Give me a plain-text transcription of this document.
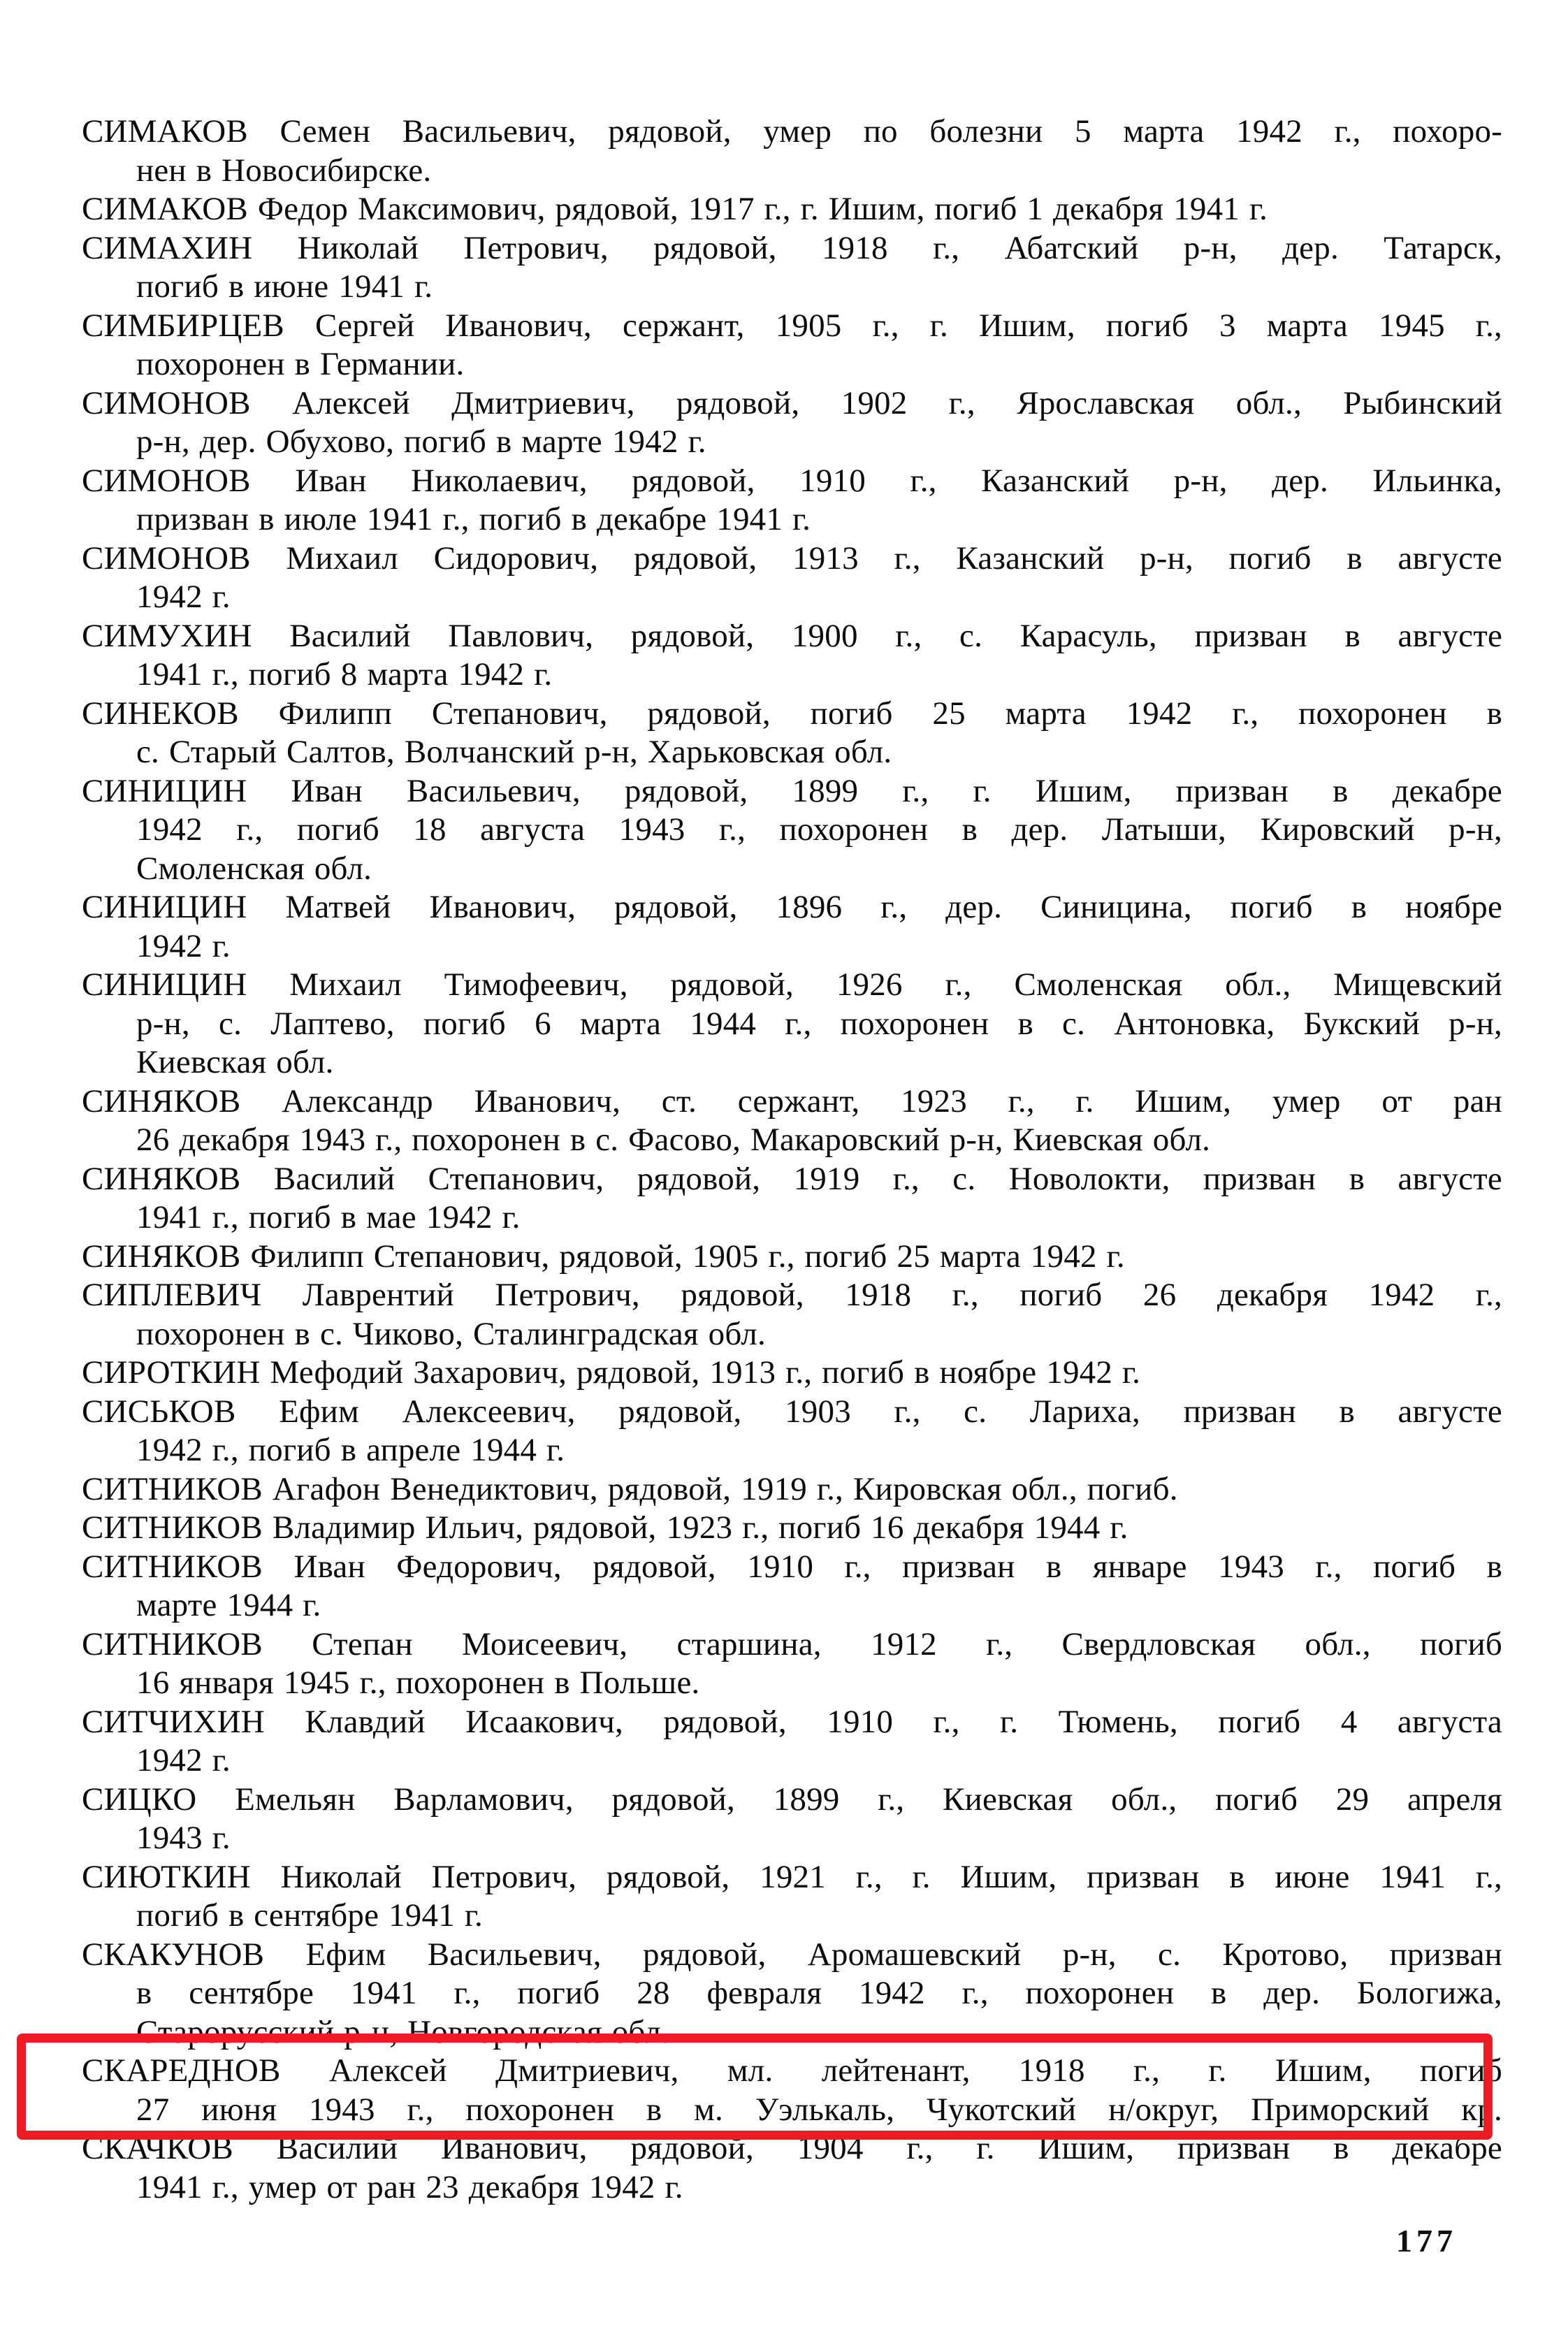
СИМАКОВ Семен Васильевич, рядовой, умер по болезни 5 марта 1942 г., похоро-
нен в Новосибирске.
СИМАКОВ Федор Максимович, рядовой, 1917 г., г. Ишим, погиб 1 декабря 1941 г.
СИМАХИН Николай Петрович, рядовой, 1918 г., Абатский р-н, дер. Татарск,
погиб в июне 1941 г.
СИМБИРЦЕВ Сергей Иванович, сержант, 1905 г., г. Ишим, погиб 3 марта 1945 г.,
похоронен в Германии.
СИМОНОВ Алексей Дмитриевич, рядовой, 1902 г., Ярославская обл., Рыбинский
р-н, дер. Обухово, погиб в марте 1942 г.
СИМОНОВ Иван Николаевич, рядовой, 1910 г., Казанский р-н, дер. Ильинка,
призван в июле 1941 г., погиб в декабре 1941 г.
СИМОНОВ Михаил Сидорович, рядовой, 1913 г., Казанский р-н, погиб в августе
1942 г.
СИМУХИН Василий Павлович, рядовой, 1900 г., с. Карасуль, призван в августе
1941 г., погиб 8 марта 1942 г.
СИНЕКОВ Филипп Степанович, рядовой, погиб 25 марта 1942 г., похоронен в
с. Старый Салтов, Волчанский р-н, Харьковская обл.
СИНИЦИН Иван Васильевич, рядовой, 1899 г., г. Ишим, призван в декабре
1942 г., погиб 18 августа 1943 г., похоронен в дер. Латыши, Кировский р-н,
Смоленская обл.
СИНИЦИН Матвей Иванович, рядовой, 1896 г., дер. Синицина, погиб в ноябре
1942 г.
СИНИЦИН Михаил Тимофеевич, рядовой, 1926 г., Смоленская обл., Мищевский
р-н, с. Лаптево, погиб 6 марта 1944 г., похоронен в с. Антоновка, Букский р-н,
Киевская обл.
СИНЯКОВ Александр Иванович, ст. сержант, 1923 г., г. Ишим, умер от ран
26 декабря 1943 г., похоронен в с. Фасово, Макаровский р-н, Киевская обл.
СИНЯКОВ Василий Степанович, рядовой, 1919 г., с. Новолокти, призван в августе
1941 г., погиб в мае 1942 г.
СИНЯКОВ Филипп Степанович, рядовой, 1905 г., погиб 25 марта 1942 г.
СИПЛЕВИЧ Лаврентий Петрович, рядовой, 1918 г., погиб 26 декабря 1942 г.,
похоронен в с. Чиково, Сталинградская обл.
СИРОТКИН Мефодий Захарович, рядовой, 1913 г., погиб в ноябре 1942 г.
СИСЬКОВ Ефим Алексеевич, рядовой, 1903 г., с. Лариха, призван в августе
1942 г., погиб в апреле 1944 г.
СИТНИКОВ Агафон Венедиктович, рядовой, 1919 г., Кировская обл., погиб.
СИТНИКОВ Владимир Ильич, рядовой, 1923 г., погиб 16 декабря 1944 г.
СИТНИКОВ Иван Федорович, рядовой, 1910 г., призван в январе 1943 г., погиб в
марте 1944 г.
СИТНИКОВ Степан Моисеевич, старшина, 1912 г., Свердловская обл., погиб
16 января 1945 г., похоронен в Польше.
СИТЧИХИН Клавдий Исаакович, рядовой, 1910 г., г. Тюмень, погиб 4 августа
1942 г.
СИЦКО Емельян Варламович, рядовой, 1899 г., Киевская обл., погиб 29 апреля
1943 г.
СИЮТКИН Николай Петрович, рядовой, 1921 г., г. Ишим, призван в июне 1941 г.,
погиб в сентябре 1941 г.
СКАКУНОВ Ефим Васильевич, рядовой, Аромашевский р-н, с. Кротово, призван
в сентябре 1941 г., погиб 28 февраля 1942 г., похоронен в дер. Бологижа,
Старорусский р-н, Новгородская обл.
СКАРЕДНОВ Алексей Дмитриевич, мл. лейтенант, 1918 г., г. Ишим, погиб
27 июня 1943 г., похоронен в м. Уэлькаль, Чукотский н/округ, Приморский кр.
СКАЧКОВ Василий Иванович, рядовой, 1904 г., г. Ишим, призван в декабре
1941 г., умер от ран 23 декабря 1942 г.
177
